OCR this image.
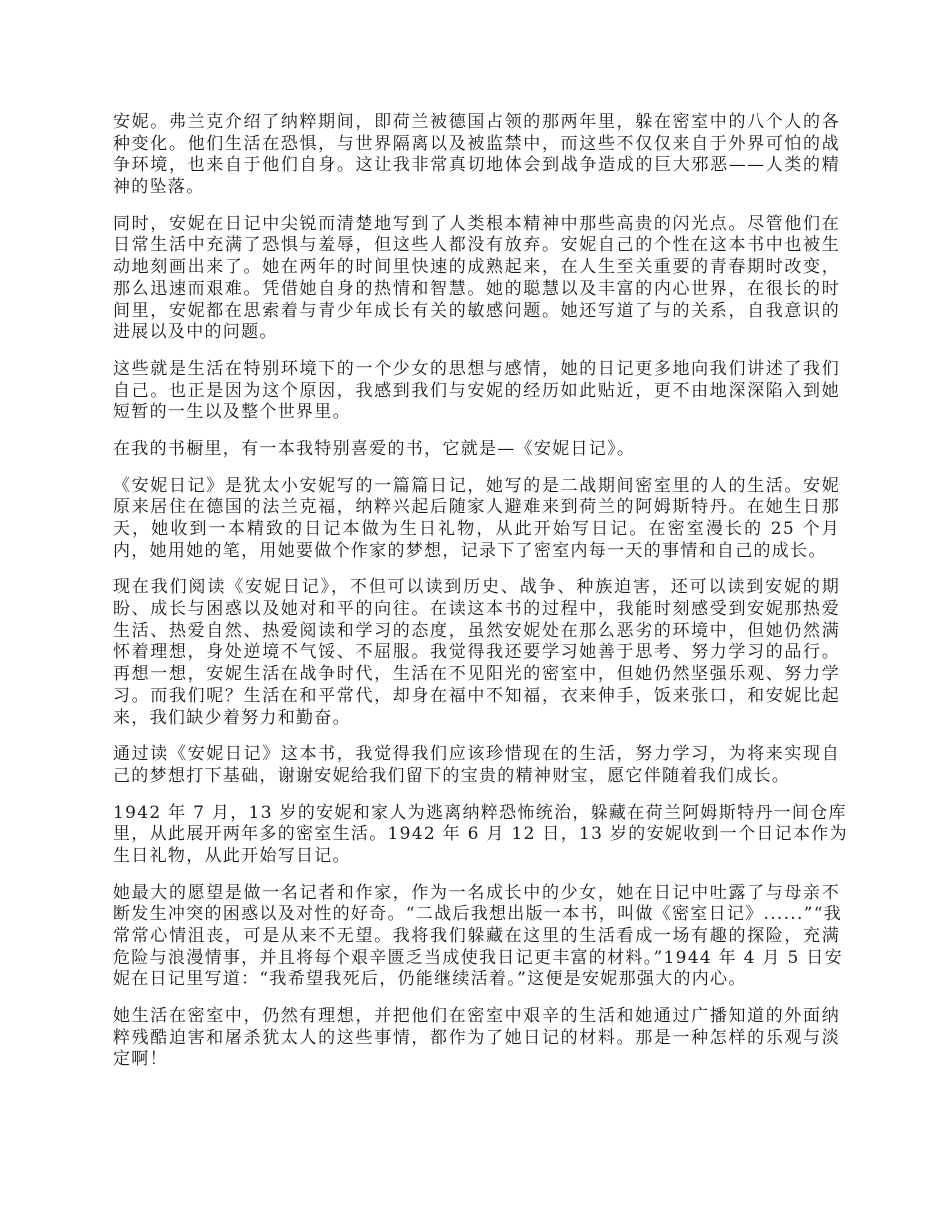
安妮。弗兰克介绍了纳粹期间，即荷兰被德国占领的那两年里，躲在密室中的八个人的各
种变化。他们生活在恐惧，与世界隔离以及被监禁中，而这些不仅仅来自于外界可怕的战
争环境，也来自于他们自身。这让我非常真切地体会到战争造成的巨大邪恶——人类的精
神的坠落。
同时，安妮在日记中尖锐而清楚地写到了人类根本精神中那些高贵的闪光点。尽管他们在
日常生活中充满了恐惧与羞辱，但这些人都没有放弃。安妮自己的个性在这本书中也被生
动地刻画出来了。她在两年的时间里快速的成熟起来，在人生至关重要的青春期时改变，
那么迅速而艰难。凭借她自身的热情和智慧。她的聪慧以及丰富的内心世界，在很长的时
间里，安妮都在思索着与青少年成长有关的敏感问题。她还写道了与的关系，自我意识的
进展以及中的问题。
这些就是生活在特别环境下的一个少女的思想与感情，她的日记更多地向我们讲述了我们
自己。也正是因为这个原因，我感到我们与安妮的经历如此贴近，更不由地深深陷入到她
短暂的一生以及整个世界里。
在我的书橱里，有一本我特别喜爱的书，它就是—《安妮日记》。
《安妮日记》是犹太小安妮写的一篇篇日记，她写的是二战期间密室里的人的生活。安妮
原来居住在德国的法兰克福，纳粹兴起后随家人避难来到荷兰的阿姆斯特丹。在她生日那
天，她收到一本精致的日记本做为生日礼物，从此开始写日记。在密室漫长的 25 个月
内，她用她的笔，用她要做个作家的梦想，记录下了密室内每一天的事情和自己的成长。
现在我们阅读《安妮日记》，不但可以读到历史、战争、种族迫害，还可以读到安妮的期
盼、成长与困惑以及她对和平的向往。在读这本书的过程中，我能时刻感受到安妮那热爱
生活、热爱自然、热爱阅读和学习的态度，虽然安妮处在那么恶劣的环境中，但她仍然满
怀着理想，身处逆境不气馁、不屈服。我觉得我还要学习她善于思考、努力学习的品行。
再想一想，安妮生活在战争时代，生活在不见阳光的密室中，但她仍然坚强乐观、努力学
习。而我们呢？生活在和平常代，却身在福中不知福，衣来伸手，饭来张口，和安妮比起
来，我们缺少着努力和勤奋。
通过读《安妮日记》这本书，我觉得我们应该珍惜现在的生活，努力学习，为将来实现自
己的梦想打下基础，谢谢安妮给我们留下的宝贵的精神财宝，愿它伴随着我们成长。
1942 年 7 月，13 岁的安妮和家人为逃离纳粹恐怖统治，躲藏在荷兰阿姆斯特丹一间仓库
里，从此展开两年多的密室生活。1942 年 6 月 12 日，13 岁的安妮收到一个日记本作为
生日礼物，从此开始写日记。
她最大的愿望是做一名记者和作家，作为一名成长中的少女，她在日记中吐露了与母亲不
断发生冲突的困惑以及对性的好奇。“二战后我想出版一本书，叫做《密室日记》......”“我
常常心情沮丧，可是从来不无望。我将我们躲藏在这里的生活看成一场有趣的探险，充满
危险与浪漫情事，并且将每个艰辛匮乏当成使我日记更丰富的材料。”1944 年 4 月 5 日安
妮在日记里写道：“我希望我死后，仍能继续活着。”这便是安妮那强大的内心。
她生活在密室中，仍然有理想，并把他们在密室中艰辛的生活和她通过广播知道的外面纳
粹残酷迫害和屠杀犹太人的这些事情，都作为了她日记的材料。那是一种怎样的乐观与淡
定啊！
